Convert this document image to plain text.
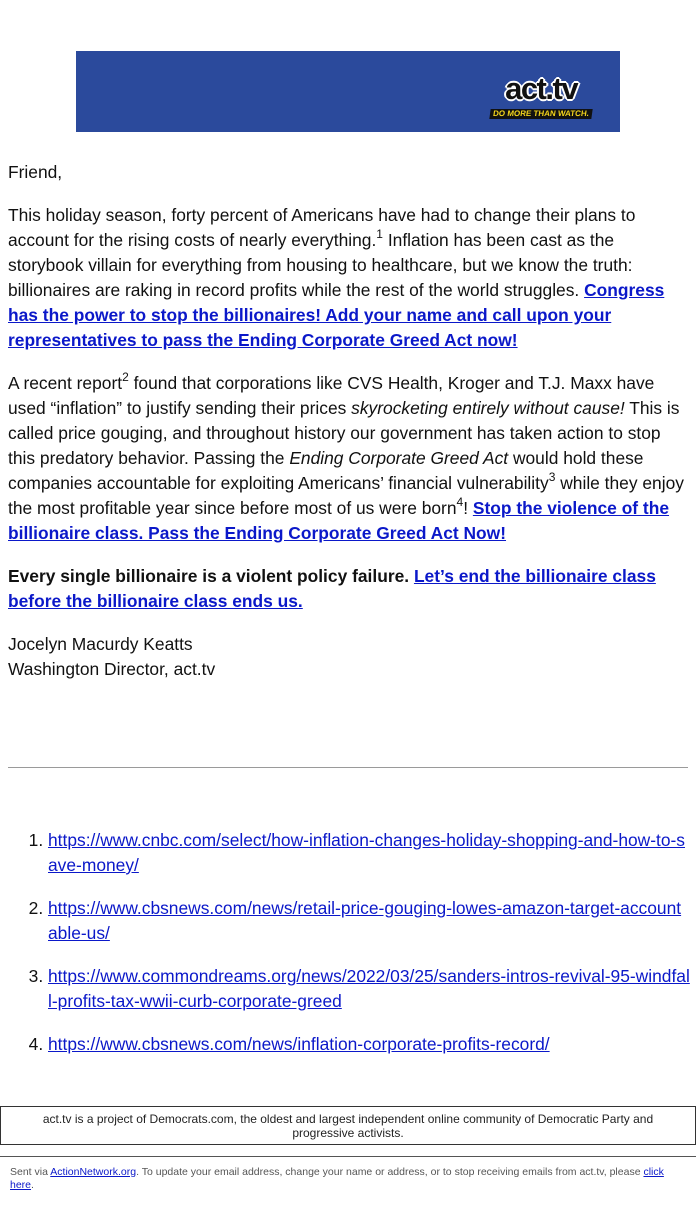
act.tv
DO MORE THAN WATCH.

Friend,

This holiday season, forty percent of Americans have had to change their plans to account for the rising costs of nearly everything.$^1$ Inflation has been cast as the storybook villain for everything from housing to healthcare, but we know the truth: billionaires are raking in record profits while the rest of the world struggles. Congress has the power to stop the billionaires! Add your name and call upon your representatives to pass the Ending Corporate Greed Act now!

A recent report$^2$ found that corporations like CVS Health, Kroger and T.J. Maxx have used “inflation” to justify sending their prices skyrocketing entirely without cause! This is called price gouging, and throughout history our government has taken action to stop this predatory behavior. Passing the Ending Corporate Greed Act would hold these companies accountable for exploiting Americans’ financial vulnerability$^3$ while they enjoy the most profitable year since before most of us were born$^4$! Stop the violence of the billionaire class. Pass the Ending Corporate Greed Act Now!

Every single billionaire is a violent policy failure. Let’s end the billionaire class before the billionaire class ends us.

Jocelyn Macurdy Keatts
Washington Director, act.tv

1. https://www.cnbc.com/select/how-inflation-changes-holiday-shopping-and-how-to-save-money/
2. https://www.cbsnews.com/news/retail-price-gouging-lowes-amazon-target-accountable-us/
3. https://www.commondreams.org/news/2022/03/25/sanders-intros-revival-95-windfall-profits-tax-wwii-curb-corporate-greed
4. https://www.cbsnews.com/news/inflation-corporate-profits-record/
act.tv is a project of Democrats.com, the oldest and largest independent online community of Democratic Party and progressive activists.
Sent via ActionNetwork.org. To update your email address, change your name or address, or to stop receiving emails from act.tv, please click here.
